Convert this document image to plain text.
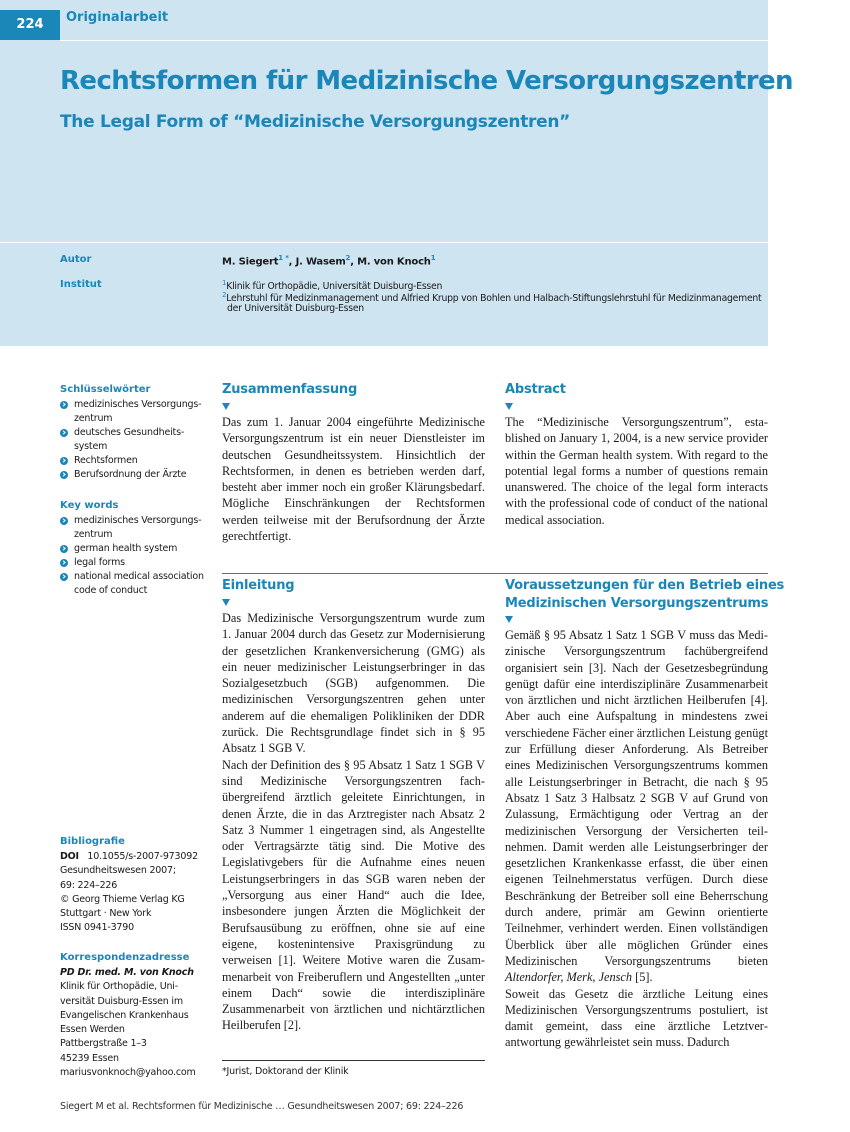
224	Originalarbeit
Rechtsformen für Medizinische Versorgungszentren
The Legal Form of “Medizinische Versorgungszentren”
Autor	M. Siegert$^{1 *}$, J. Wasem$^2$, M. von Knoch$^1$
Institut	$^1$Klinik für Orthopädie, Universität Duisburg-Essen
$^2$Lehrstuhl für Medizinmanagement und Alfried Krupp von Bohlen und Halbach-Stiftungslehrstuhl für Medizinmanagement
der Universität Duisburg-Essen
Schlüsselwörter
medizinisches Versorgungs-
zentrum
deutsches Gesundheits-
system
Rechtsformen
Berufsordnung der Ärzte
Key words
medizinisches Versorgungs-
zentrum
german health system
legal forms
national medical association
code of conduct
Bibliografie
DOI 10.1055/s-2007-973092
Gesundheitswesen 2007;
69: 224–226
© Georg Thieme Verlag KG
Stuttgart · New York
ISSN 0941-3790
Korrespondenzadresse
PD Dr. med. M. von Knoch
Klinik für Orthopädie, Uni-
versität Duisburg-Essen im
Evangelischen Krankenhaus
Essen Werden
Pattbergstraße 1–3
45239 Essen
mariusvonknoch@yahoo.com
Zusammenfassung
Das zum 1. Januar 2004 eingeführte Medizinische Versorgungszentrum ist ein neuer Dienstleister im deutschen Gesundheitssystem. Hinsichtlich der Rechtsformen, in denen es betrieben werden darf, besteht aber immer noch ein großer Klärungsbedarf. Mögliche Einschränkungen der Rechtsformen werden teilweise mit der Berufsordnung der Ärzte gerechtfertigt.
Abstract
The “Medizinische Versorgungszentrum”, established on January 1, 2004, is a new service provider within the German health system. With regard to the potential legal forms a number of questions remain unanswered. The choice of the legal form interacts with the professional code of conduct of the national medical association.
Einleitung

Das Medizinische Versorgungszentrum wurde zum 1. Januar 2004 durch das Gesetz zur Modernisierung der gesetzlichen Krankenversicherung (GMG) als ein neuer medizinischer Leistungserbringer in das Sozialgesetzbuch (SGB) aufgenommen. Die medizinischen Versorgungszentren gehen unter anderem auf die ehemaligen Polikliniken der DDR zurück. Die Rechtsgrundlage findet sich in § 95 Absatz 1 SGB V.

Nach der Definition des § 95 Absatz 1 Satz 1 SGB V sind Medizinische Versorgungszentren fachübergreifend ärztlich geleitete Einrichtungen, in denen Ärzte, die in das Arztregister nach Absatz 2 Satz 3 Nummer 1 eingetragen sind, als Angestellte oder Vertragsärzte tätig sind. Die Motive des Legislativgebers für die Aufnahme eines neuen Leistungserbringers in das SGB waren neben der „Versorgung aus einer Hand“ auch die Idee, insbesondere jungen Ärzten die Möglichkeit der Berufsausübung zu eröffnen, ohne sie auf eine eigene, kostenintensive Praxisgründung zu verweisen [1]. Weitere Motive waren die Zusammenarbeit von Freiberuflern und Angestellten „unter einem Dach“ sowie die interdisziplinäre Zusammenarbeit von ärztlichen und nichtärztlichen Heilberufen [2].

Voraussetzungen für den Betrieb eines
Medizinischen Versorgungszentrums

Gemäß § 95 Absatz 1 Satz 1 SGB V muss das Medizinische Versorgungszentrum fachübergreifend organisiert sein [3]. Nach der Gesetzesbegründung genügt dafür eine interdisziplinäre Zusammenarbeit von ärztlichen und nicht ärztlichen Heilberufen [4]. Aber auch eine Aufspaltung in mindestens zwei verschiedene Fächer einer ärztlichen Leistung genügt zur Erfüllung dieser Anforderung. Als Betreiber eines Medizinischen Versorgungszentrums kommen alle Leistungserbringer in Betracht, die nach § 95 Absatz 1 Satz 3 Halbsatz 2 SGB V auf Grund von Zulassung, Ermächtigung oder Vertrag an der medizinischen Versorgung der Versicherten teilnehmen. Damit werden alle Leistungserbringer der gesetzlichen Krankenkasse erfasst, die über einen eigenen Teilnehmerstatus verfügen. Durch diese Beschränkung der Betreiber soll eine Beherrschung durch andere, primär am Gewinn orientierte Teilnehmer, verhindert werden. Einen vollständigen Überblick über alle möglichen Gründer eines Medizinischen Versorgungszentrums bieten Altendorfer, Merk, Jensch [5].

Soweit das Gesetz die ärztliche Leitung eines Medizinischen Versorgungszentrums postuliert, ist damit gemeint, dass eine ärztliche Letztverantwortung gewährleistet sein muss. Dadurch

*Jurist, Doktorand der Klinik
Siegert M et al. Rechtsformen für Medizinische … Gesundheitswesen 2007; 69: 224–226
